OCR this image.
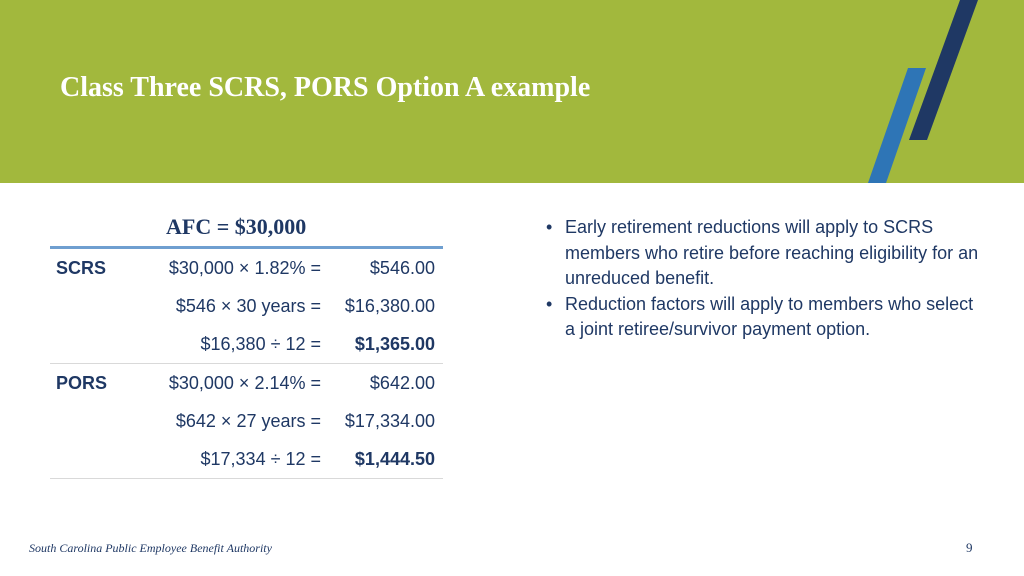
Class Three SCRS, PORS Option A example
AFC = $30,000
SCRS	$30,000 × 1.82% =	$546.00
$546 × 30 years = $16,380.00
$16,380 ÷ 12 = $1,365.00
PORS	$30,000 × 2.14% =	$642.00
$642 × 27 years = $17,334.00
$17,334 ÷ 12 = $1,444.50
• Early retirement reductions will apply to SCRS members who retire before reaching eligibility for an unreduced benefit.
• Reduction factors will apply to members who select a joint retiree/survivor payment option.
South Carolina Public Employee Benefit Authority	9
